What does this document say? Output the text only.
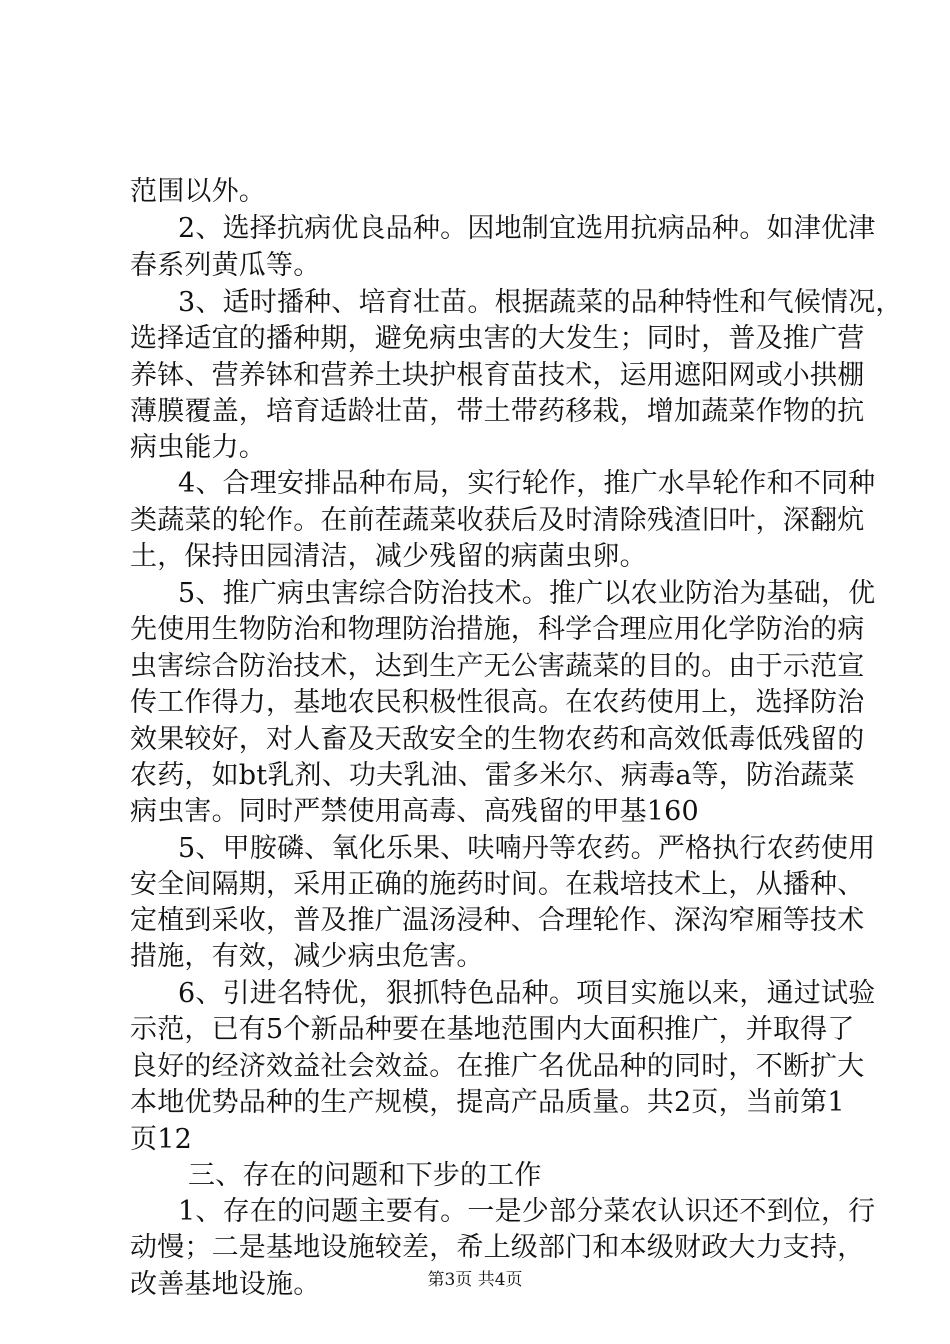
范围以外。
2、选择抗病优良品种。因地制宜选用抗病品种。如津优津
春系列黄瓜等。
3、适时播种、培育壮苗。根据蔬菜的品种特性和气候情况，
选择适宜的播种期，避免病虫害的大发生；同时，普及推广营
养钵、营养钵和营养土块护根育苗技术，运用遮阳网或小拱棚
薄膜覆盖，培育适龄壮苗，带土带药移栽，增加蔬菜作物的抗
病虫能力。
4、合理安排品种布局，实行轮作，推广水旱轮作和不同种
类蔬菜的轮作。在前茬蔬菜收获后及时清除残渣旧叶，深翻炕
土，保持田园清洁，减少残留的病菌虫卵。
5、推广病虫害综合防治技术。推广以农业防治为基础，优
先使用生物防治和物理防治措施，科学合理应用化学防治的病
虫害综合防治技术，达到生产无公害蔬菜的目的。由于示范宣
传工作得力，基地农民积极性很高。在农药使用上，选择防治
效果较好，对人畜及天敌安全的生物农药和高效低毒低残留的
农药，如bt乳剂、功夫乳油、雷多米尔、病毒a等，防治蔬菜
病虫害。同时严禁使用高毒、高残留的甲基160
5、甲胺磷、氧化乐果、呋喃丹等农药。严格执行农药使用
安全间隔期，采用正确的施药时间。在栽培技术上，从播种、
定植到采收，普及推广温汤浸种、合理轮作、深沟窄厢等技术
措施，有效，减少病虫危害。
6、引进名特优，狠抓特色品种。项目实施以来，通过试验
示范，已有5个新品种要在基地范围内大面积推广，并取得了
良好的经济效益社会效益。在推广名优品种的同时，不断扩大
本地优势品种的生产规模，提高产品质量。共2页，当前第1
页12
三、存在的问题和下步的工作
1、存在的问题主要有。一是少部分菜农认识还不到位，行
动慢；二是基地设施较差，希上级部门和本级财政大力支持，
改善基地设施。	第3页 共4页
